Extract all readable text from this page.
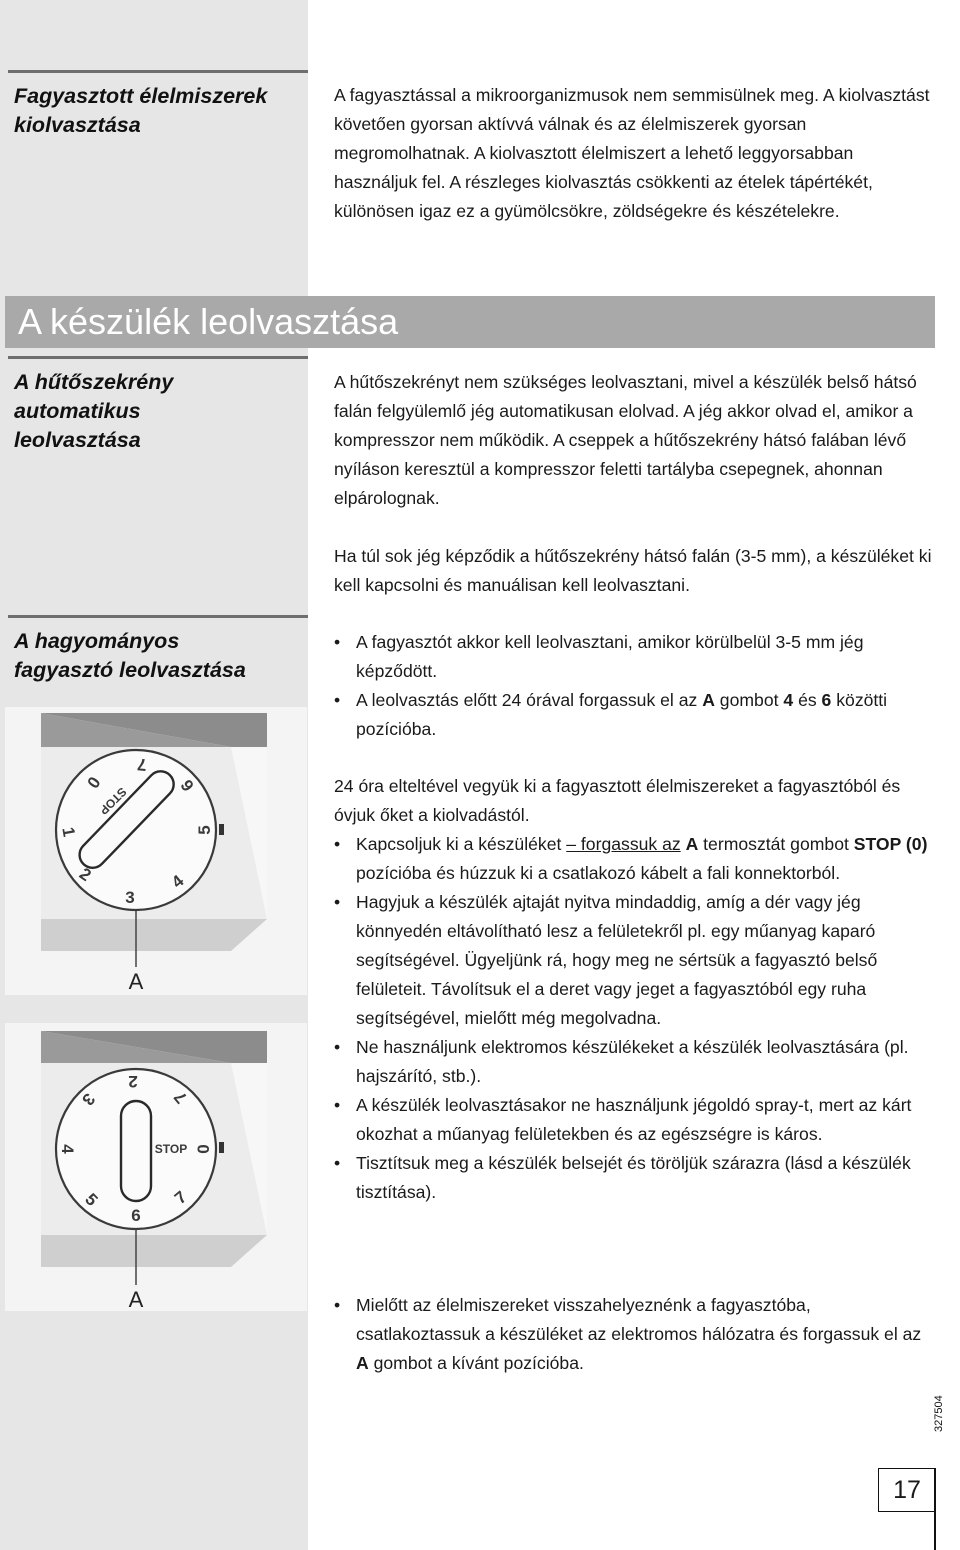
Fagyasztott élelmiszerek kiolvasztása

A fagyasztással a mikroorganizmusok nem semmisülnek meg. A kiolvasztást követően gyorsan aktívvá válnak és az élelmiszerek gyorsan megromolhatnak. A kiolvasztott élelmiszert a lehető leggyorsabban használjuk fel. A részleges kiolvasztás csökkenti az ételek tápértékét, különösen igaz ez a gyümölcsökre, zöldségekre és készételekre.

A készülék leolvasztása
A hűtőszekrény automatikus leolvasztása

A hűtőszekrényt nem szükséges leolvasztani, mivel a készülék belső hátsó falán felgyülemlő jég automatikusan elolvad. A jég akkor olvad el, amikor a kompresszor nem működik. A cseppek a hűtőszekrény hátsó falában lévő nyíláson keresztül a kompresszor feletti tartályba csepegnek, ahonnan elpárolognak.

Ha túl sok jég képződik a hűtőszekrény hátsó falán (3-5 mm), a készüléket ki kell kapcsolni és manuálisan kell leolvasztani.

A hagyományos fagyasztó leolvasztása
• A fagyasztót akkor kell leolvasztani, amikor körülbelül 3-5 mm jég képződött.
• A leolvasztás előtt 24 órával forgassuk el az A gombot 4 és 6 közötti pozícióba.
24 óra elteltével vegyük ki a fagyasztott élelmiszereket a fagyasztóból és óvjuk őket a kiolvadástól.
• Kapcsoljuk ki a készüléket – forgassuk az A termosztát gombot STOP (0) pozícióba és húzzuk ki a csatlakozó kábelt a fali konnektorból.
• Hagyjuk a készülék ajtaját nyitva mindaddig, amíg a dér vagy jég könnyedén eltávolítható lesz a felületekről pl. egy műanyag kaparó segítségével. Ügyeljünk rá, hogy meg ne sértsük a fagyasztó belső felületeit. Távolítsuk el a deret vagy jeget a fagyasztóból egy ruha segítségével, mielőtt még megolvadna.
• Ne használjunk elektromos készülékeket a készülék leolvasztására (pl. hajszárító, stb.).
• A készülék leolvasztásakor ne használjunk jégoldó spray-t, mert az kárt okozhat a műanyag felületekben és az egészségre is káros.
• Tisztítsuk meg a készülék belsejét és töröljük szárazra (lásd a készülék tisztítása).
• Mielőtt az élelmiszereket visszahelyeznénk a fagyasztóba, csatlakoztassuk a készüléket az elektromos hálózatra és forgassuk el az A gombot a kívánt pozícióba.
7
6
5
4
3
2
1
0
STOP
A
2
3
4
5
6
7
7
0
STOP
A
327504
17
